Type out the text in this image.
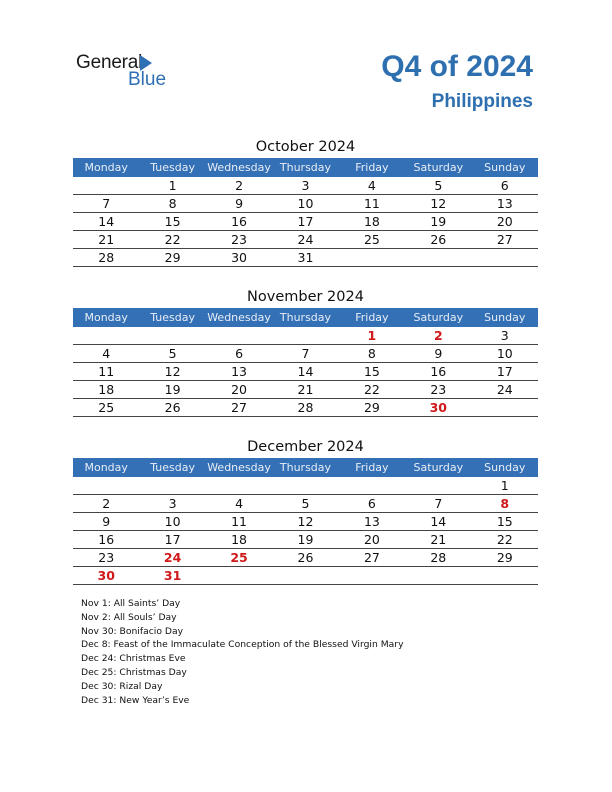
General
Blue	Q4 of 2024
Philippines
October 2024
Monday	Tuesday	Wednesday	Thursday	Friday	Saturday	Sunday
	1	2	3	4	5	6
7	8	9	10	11	12	13
14	15	16	17	18	19	20
21	22	23	24	25	26	27
28	29	30	31			
November 2024
Monday	Tuesday	Wednesday	Thursday	Friday	Saturday	Sunday
				1	2	3
4	5	6	7	8	9	10
11	12	13	14	15	16	17
18	19	20	21	22	23	24
25	26	27	28	29	30	
December 2024
Monday	Tuesday	Wednesday	Thursday	Friday	Saturday	Sunday
						1
2	3	4	5	6	7	8
9	10	11	12	13	14	15
16	17	18	19	20	21	22
23	24	25	26	27	28	29
30	31					
Nov 1: All Saints’ Day
Nov 2: All Souls’ Day
Nov 30: Bonifacio Day
Dec 8: Feast of the Immaculate Conception of the Blessed Virgin Mary
Dec 24: Christmas Eve
Dec 25: Christmas Day
Dec 30: Rizal Day
Dec 31: New Year’s Eve
